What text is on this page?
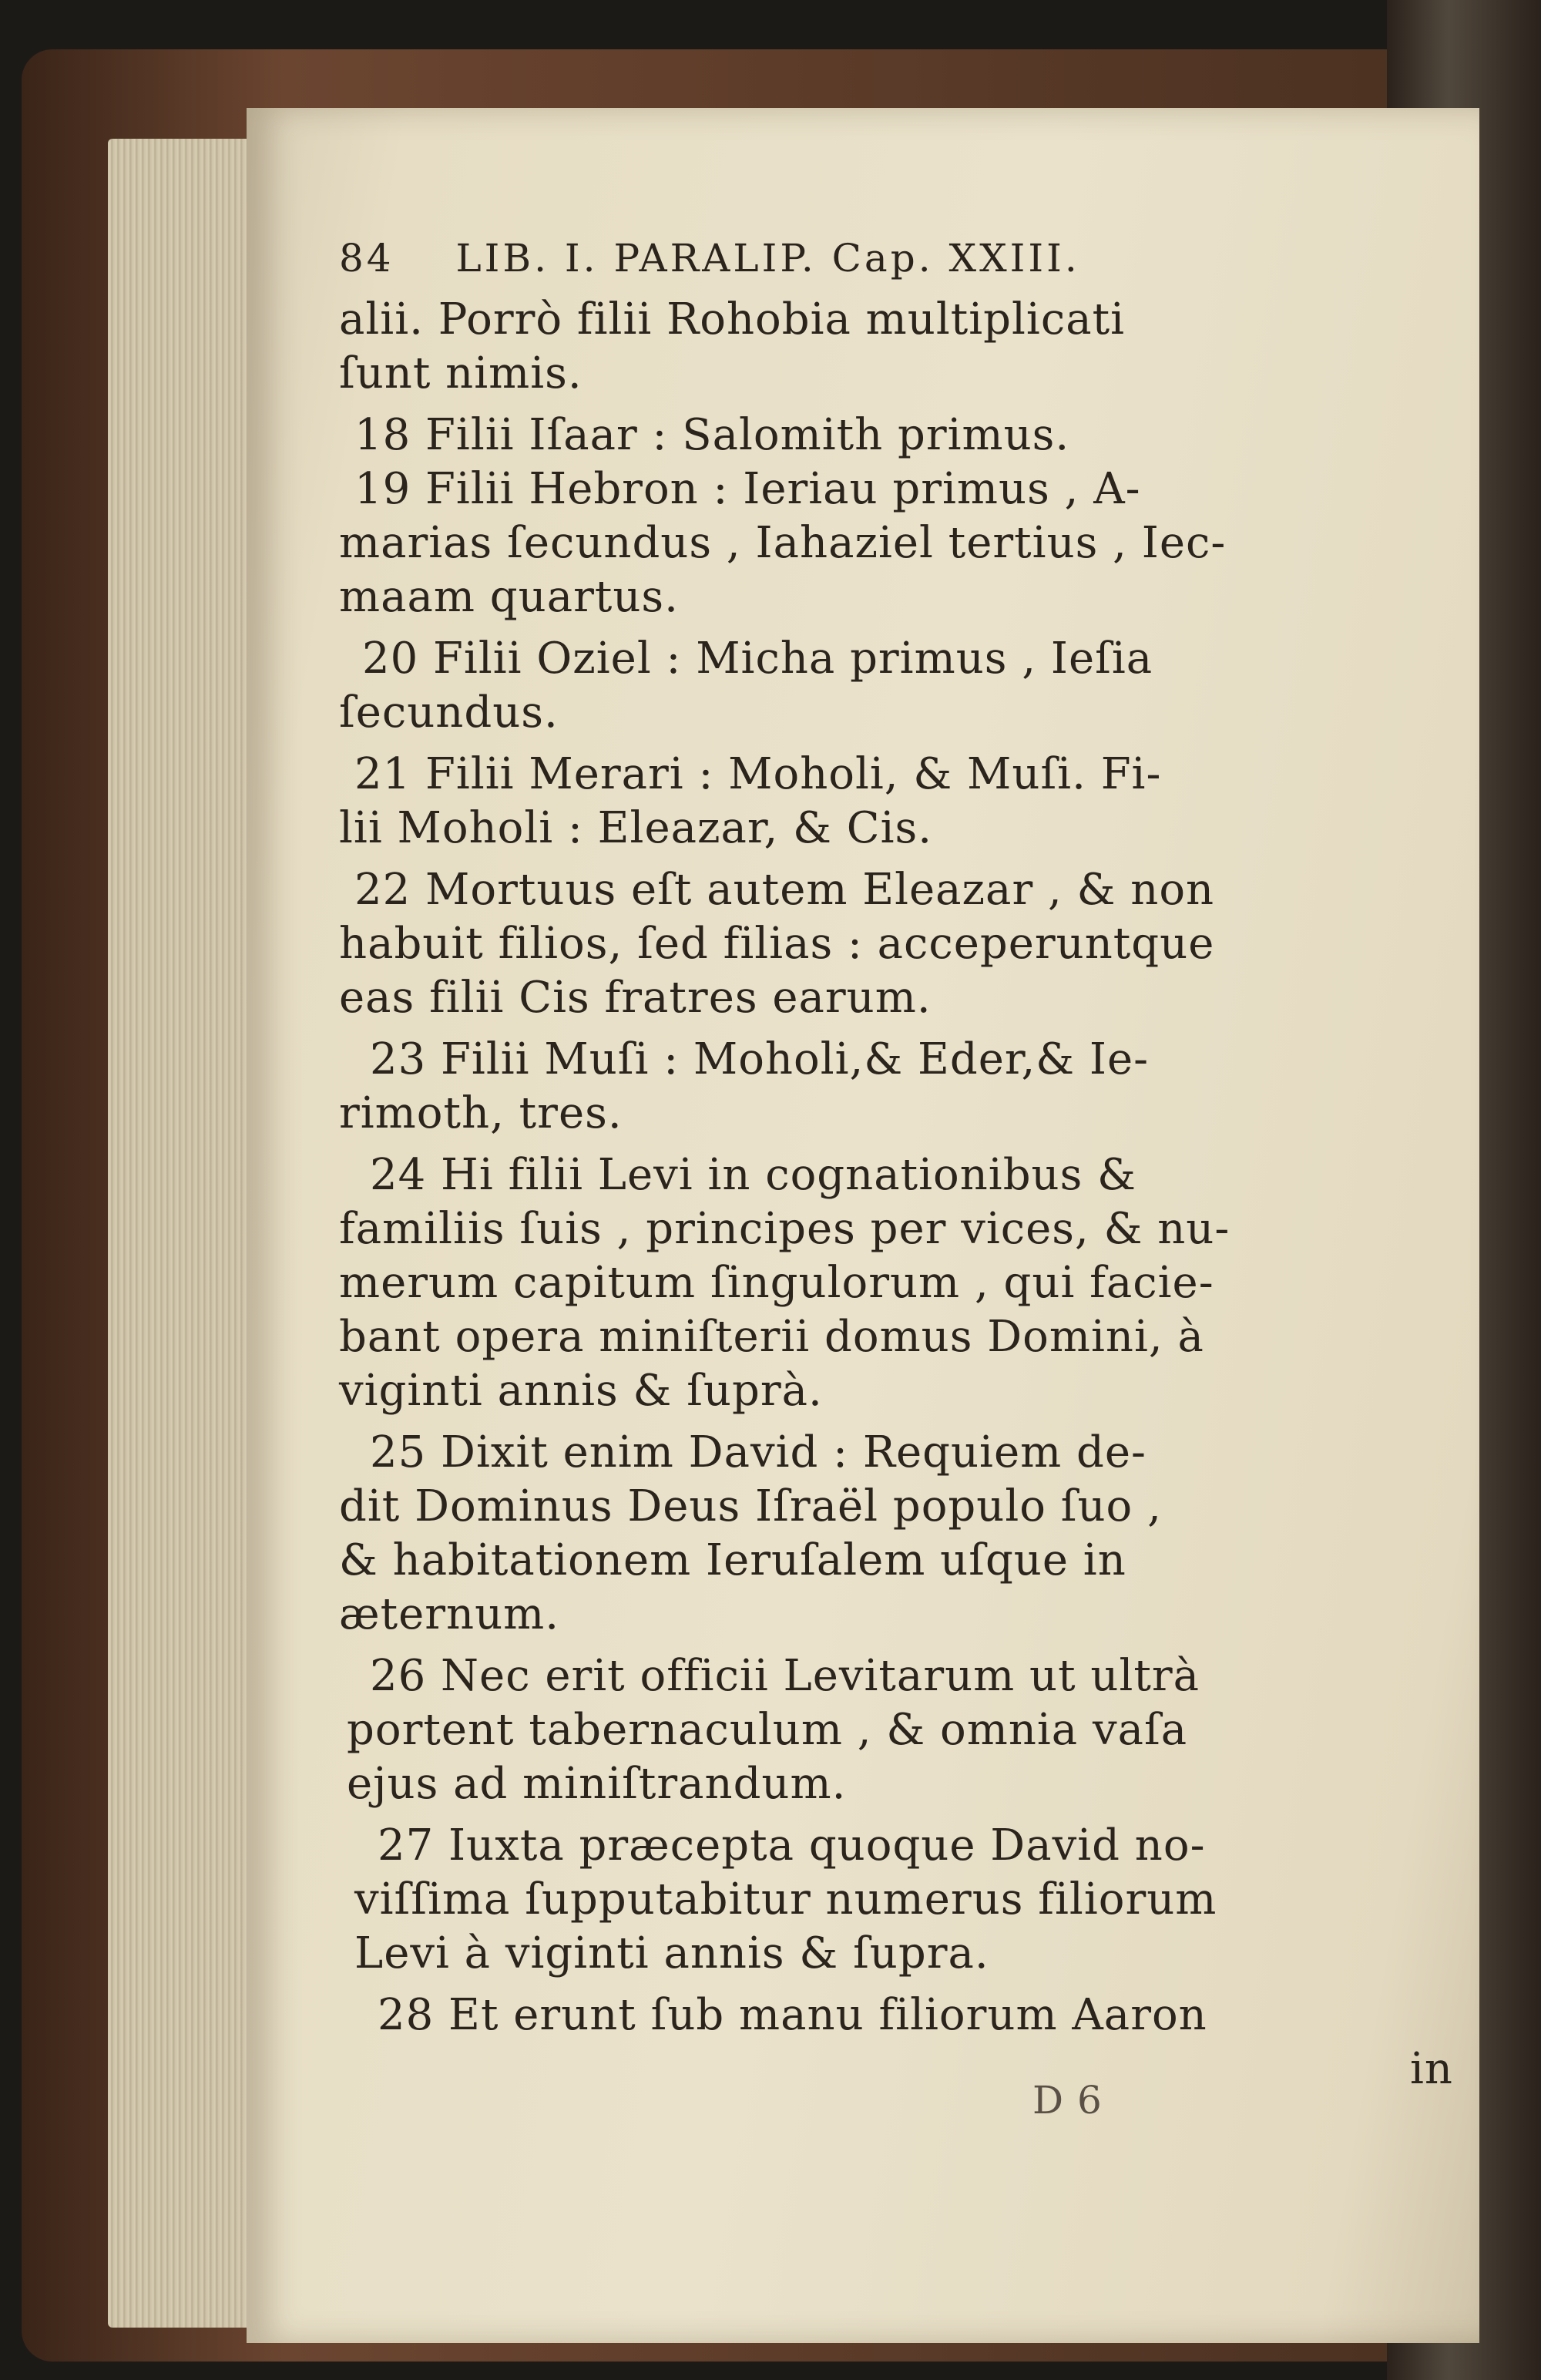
84 LIB. I. PARALIP. Cap. XXIII.
alii. Porrò filii Rohobia multiplicati
ſunt nimis.
18 Filii Iſaar : Salomith primus.
19 Filii Hebron : Ieriau primus , A-
marias ſecundus , Iahaziel tertius , Iec-
maam quartus.
20 Filii Oziel : Micha primus , Ieſia
ſecundus.
21 Filii Merari : Moholi, & Muſi. Fi-
lii Moholi : Eleazar, & Cis.
22 Mortuus eſt autem Eleazar , & non
habuit filios, ſed filias : acceperuntque
eas filii Cis fratres earum.
23 Filii Muſi : Moholi,& Eder,& Ie-
rimoth, tres.
24 Hi filii Levi in cognationibus &
familiis ſuis , principes per vices, & nu-
merum capitum ſingulorum , qui facie-
bant opera miniſterii domus Domini, à
viginti annis & ſuprà.
25 Dixit enim David : Requiem de-
dit Dominus Deus Iſraël populo ſuo ,
& habitationem Ieruſalem uſque in
æternum.
26 Nec erit officii Levitarum ut ultrà
portent tabernaculum , & omnia vaſa
ejus ad miniſtrandum.
27 Iuxta præcepta quoque David no-
viſſima ſupputabitur numerus filiorum
Levi à viginti annis & ſupra.
28 Et erunt ſub manu filiorum Aaron
in
D 6
